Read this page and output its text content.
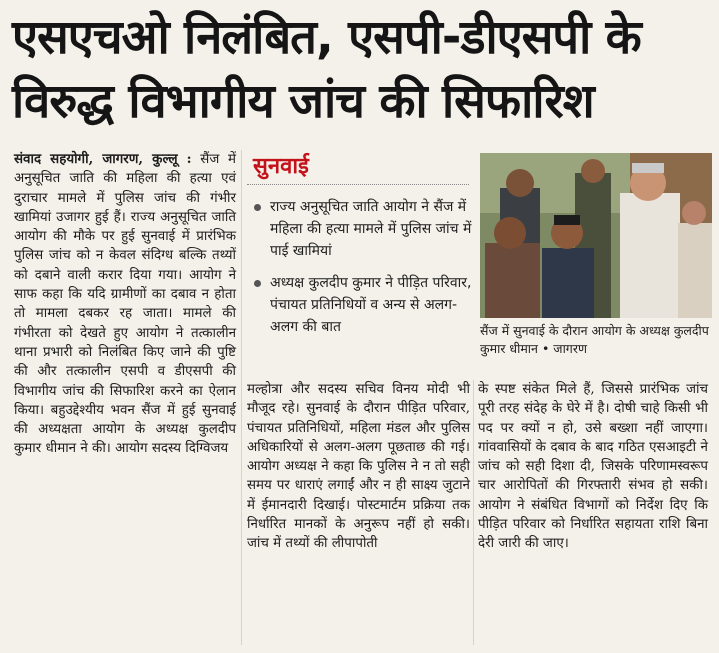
एसएचओ निलंबित, एसपी-डीएसपी के
विरुद्ध विभागीय जांच की सिफारिश
संवाद सहयोगी, जागरण, कुल्लू : सैंज में अनुसूचित जाति की महिला की हत्या एवं दुराचार मामले में पुलिस जांच की गंभीर खामियां उजागर हुई हैं। राज्य अनुसूचित जाति आयोग की मौके पर हुई सुनवाई में प्रारंभिक पुलिस जांच को न केवल संदिग्ध बल्कि तथ्यों को दबाने वाली करार दिया गया। आयोग ने साफ कहा कि यदि ग्रामीणों का दबाव न होता तो मामला दबकर रह जाता। मामले की गंभीरता को देखते हुए आयोग ने तत्कालीन थाना प्रभारी को निलंबित किए जाने की पुष्टि की और तत्कालीन एसपी व डीएसपी की विभागीय जांच की सिफारिश करने का ऐलान किया। बहुउद्देश्यीय भवन सैंज में हुई सुनवाई की अध्यक्षता आयोग के अध्यक्ष कुलदीप कुमार धीमान ने की। आयोग सदस्य दिग्विजय
सुनवाई
राज्य अनुसूचित जाति आयोग ने सैंज में महिला की हत्या मामले में पुलिस जांच में पाई खामियां
अध्यक्ष कुलदीप कुमार ने पीड़ित परिवार, पंचायत प्रतिनिधियों व अन्य से अलग-अलग की बात	सैंज में सुनवाई के दौरान आयोग के अध्यक्ष कुलदीप कुमार धीमान • जागरण
मल्होत्रा और सदस्य सचिव विनय मोदी भी मौजूद रहे। सुनवाई के दौरान पीड़ित परिवार, पंचायत प्रतिनिधियों, महिला मंडल और पुलिस अधिकारियों से अलग-अलग पूछताछ की गई। आयोग अध्यक्ष ने कहा कि पुलिस ने न तो सही समय पर धाराएं लगाईं और न ही साक्ष्य जुटाने में ईमानदारी दिखाई। पोस्टमार्टम प्रक्रिया तक निर्धारित मानकों के अनुरूप नहीं हो सकी। जांच में तथ्यों की लीपापोती
के स्पष्ट संकेत मिले हैं, जिससे प्रारंभिक जांच पूरी तरह संदेह के घेरे में है। दोषी चाहे किसी भी पद पर क्यों न हो, उसे बख्शा नहीं जाएगा। गांववासियों के दबाव के बाद गठित एसआइटी ने जांच को सही दिशा दी, जिसके परिणामस्वरूप चार आरोपितों की गिरफ्तारी संभव हो सकी। आयोग ने संबंधित विभागों को निर्देश दिए कि पीड़ित परिवार को निर्धारित सहायता राशि बिना देरी जारी की जाए।
